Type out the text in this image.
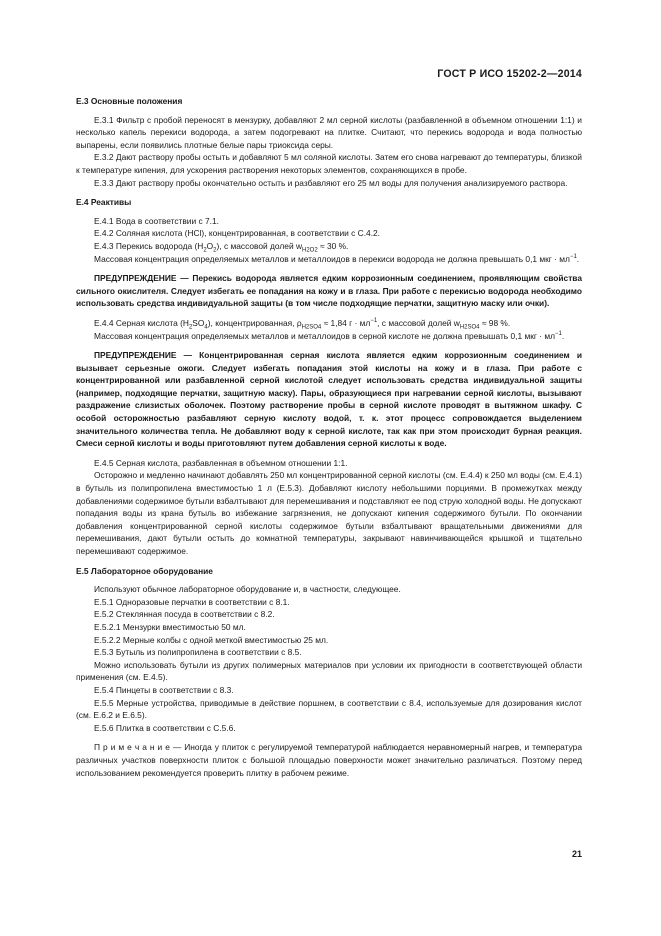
ГОСТ Р ИСО 15202-2—2014
Е.3 Основные положения

Е.3.1 Фильтр с пробой переносят в мензурку, добавляют 2 мл серной кислоты (разбавленной в объемном отношении 1:1) и несколько капель перекиси водорода, а затем подогревают на плитке. Считают, что перекись водорода и вода полностью выпарены, если появились плотные белые пары триоксида серы.

Е.3.2 Дают раствору пробы остыть и добавляют 5 мл соляной кислоты. Затем его снова нагревают до температуры, близкой к температуре кипения, для ускорения растворения некоторых элементов, сохраняющихся в пробе.

Е.3.3 Дают раствору пробы окончательно остыть и разбавляют его 25 мл воды для получения анализируемого раствора.

Е.4 Реактивы

Е.4.1 Вода в соответствии с 7.1.

Е.4.2 Соляная кислота (HCl), концентрированная, в соответствии с С.4.2.

Е.4.3 Перекись водорода $(H_2O_2)$, с массовой долей $w_{H2O2} \approx 30$ %.

Массовая концентрация определяемых металлов и металлоидов в перекиси водорода не должна превышать 0,1 мкг · $мл^{-1}$.

ПРЕДУПРЕЖДЕНИЕ — Перекись водорода является едким коррозионным соединением, проявляющим свойства сильного окислителя. Следует избегать ее попадания на кожу и в глаза. При работе с перекисью водорода необходимо использовать средства индивидуальной защиты (в том числе подходящие перчатки, защитную маску или очки).

Е.4.4 Серная кислота $(H_2SO_4)$, концентрированная, $\rho_{H2SO4} \approx 1,84$ $г \cdot мл^{-1}$, с массовой долей $w_{H2SO4} \approx 98$ %.

Массовая концентрация определяемых металлов и металлоидов в серной кислоте не должна превышать 0,1 мкг · $мл^{-1}$.

ПРЕДУПРЕЖДЕНИЕ — Концентрированная серная кислота является едким коррозионным соединением и вызывает серьезные ожоги. Следует избегать попадания этой кислоты на кожу и в глаза. При работе с концентрированной или разбавленной серной кислотой следует использовать средства индивидуальной защиты (например, подходящие перчатки, защитную маску). Пары, образующиеся при нагревании серной кислоты, вызывают раздражение слизистых оболочек. Поэтому растворение пробы в серной кислоте проводят в вытяжном шкафу. С особой осторожностью разбавляют серную кислоту водой, т. к. этот процесс сопровождается выделением значительного количества тепла. Не добавляют воду к серной кислоте, так как при этом происходит бурная реакция. Смеси серной кислоты и воды приготовляют путем добавления серной кислоты к воде.

Е.4.5 Серная кислота, разбавленная в объемном отношении 1:1.

Осторожно и медленно начинают добавлять 250 мл концентрированной серной кислоты (см. Е.4.4) к 250 мл воды (см. Е.4.1) в бутыль из полипропилена вместимостью 1 л (Е.5.3). Добавляют кислоту небольшими порциями. В промежутках между добавлениями содержимое бутыли взбалтывают для перемешивания и подставляют ее под струю холодной воды. Не допускают попадания воды из крана бутыль во избежание загрязнения, не допускают кипения содержимого бутыли. По окончании добавления концентрированной серной кислоты содержимое бутыли взбалтывают вращательными движениями для перемешивания, дают бутыли остыть до комнатной температуры, закрывают навинчивающейся крышкой и тщательно перемешивают содержимое.

Е.5 Лабораторное оборудование

Используют обычное лабораторное оборудование и, в частности, следующее.

Е.5.1 Одноразовые перчатки в соответствии с 8.1.

Е.5.2 Стеклянная посуда в соответствии с 8.2.

Е.5.2.1 Мензурки вместимостью 50 мл.

Е.5.2.2 Мерные колбы с одной меткой вместимостью 25 мл.

Е.5.3 Бутыль из полипропилена в соответствии с 8.5.

Можно использовать бутыли из других полимерных материалов при условии их пригодности в соответствующей области применения (см. Е.4.5).

Е.5.4 Пинцеты в соответствии с 8.3.

Е.5.5 Мерные устройства, приводимые в действие поршнем, в соответствии с 8.4, используемые для дозирования кислот (см. Е.6.2 и Е.6.5).

Е.5.6 Плитка в соответствии с С.5.6.

П р и м е ч а н и е — Иногда у плиток с регулируемой температурой наблюдается неравномерный нагрев, и температура различных участков поверхности плиток с большой площадью поверхности может значительно различаться. Поэтому перед использованием рекомендуется проверить плитку в рабочем режиме.

21
